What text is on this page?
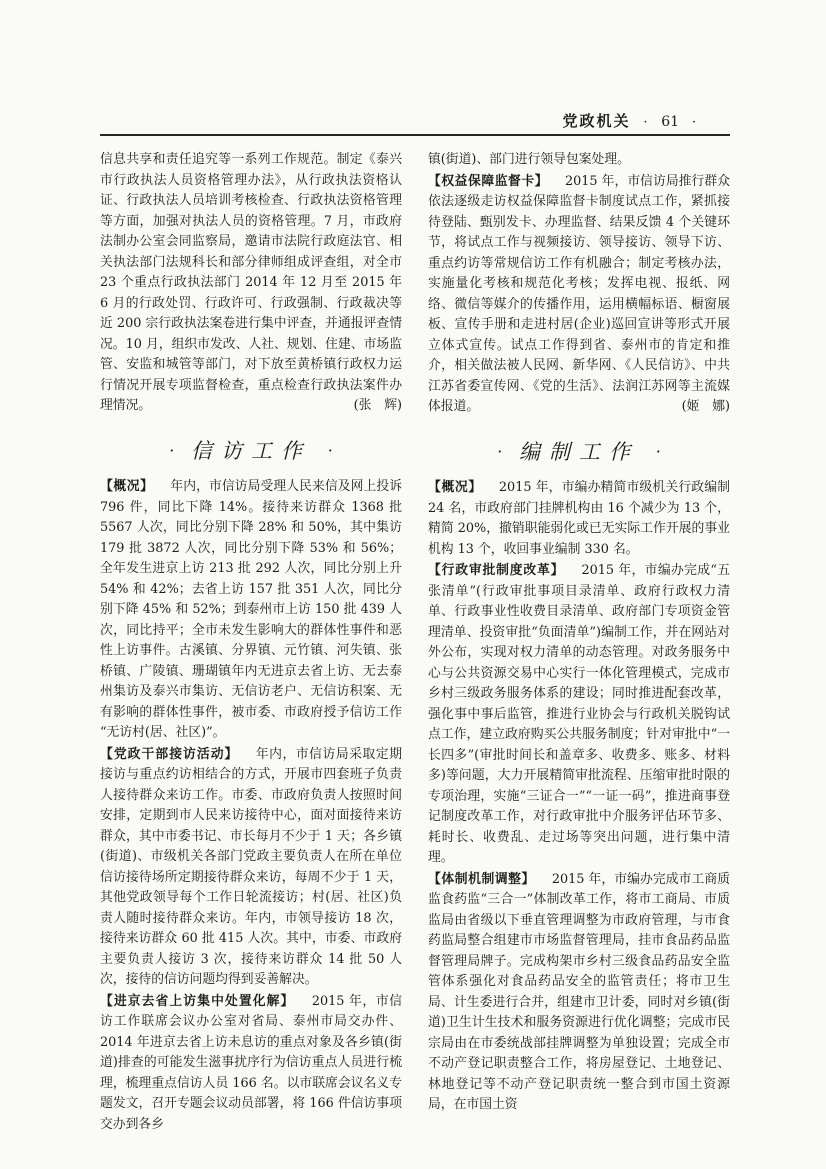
党政机关 · 61 ·

信息共享和责任追究等一系列工作规范。制定《泰兴市行政执法人员资格管理办法》，从行政执法资格认证、行政执法人员培训考核检查、行政执法资格管理等方面，加强对执法人员的资格管理。7 月，市政府法制办公室会同监察局，邀请市法院行政庭法官、相关执法部门法规科长和部分律师组成评查组，对全市 23 个重点行政执法部门 2014 年 12 月至 2015 年 6 月的行政处罚、行政许可、行政强制、行政裁决等近 200 宗行政执法案卷进行集中评查，并通报评查情况。10 月，组织市发改、人社、规划、住建、市场监管、安监和城管等部门，对下放至黄桥镇行政权力运行情况开展专项监督检查，重点检查行政执法案件办理情况。	(张　辉)

· 信访工作 ·

【概况】 年内，市信访局受理人民来信及网上投诉 796 件，同比下降 14%。接待来访群众 1368 批 5567 人次，同比分别下降 28% 和 50%，其中集访 179 批 3872 人次，同比分别下降 53% 和 56%；全年发生进京上访 213 批 292 人次，同比分别上升 54% 和 42%；去省上访 157 批 351 人次，同比分别下降 45% 和 52%；到泰州市上访 150 批 439 人次，同比持平；全市未发生影响大的群体性事件和恶性上访事件。古溪镇、分界镇、元竹镇、河失镇、张桥镇、广陵镇、珊瑚镇年内无进京去省上访、无去泰州集访及泰兴市集访、无信访老户、无信访积案、无有影响的群体性事件，被市委、市政府授予信访工作“无访村(居、社区)”。

【党政干部接访活动】 年内，市信访局采取定期接访与重点约访相结合的方式，开展市四套班子负责人接待群众来访工作。市委、市政府负责人按照时间安排，定期到市人民来访接待中心，面对面接待来访群众，其中市委书记、市长每月不少于 1 天；各乡镇(街道)、市级机关各部门党政主要负责人在所在单位信访接待场所定期接待群众来访，每周不少于 1 天，其他党政领导每个工作日轮流接访；村(居、社区)负责人随时接待群众来访。年内，市领导接访 18 次，接待来访群众 60 批 415 人次。其中，市委、市政府主要负责人接访 3 次，接待来访群众 14 批 50 人次，接待的信访问题均得到妥善解决。

【进京去省上访集中处置化解】 2015 年，市信访工作联席会议办公室对省局、泰州市局交办件、2014 年进京去省上访未息访的重点对象及各乡镇(街道)排查的可能发生滋事扰序行为信访重点人员进行梳理，梳理重点信访人员 166 名。以市联席会议名义专题发文，召开专题会议动员部署，将 166 件信访事项交办到各乡

镇(街道)、部门进行领导包案处理。

【权益保障监督卡】 2015 年，市信访局推行群众依法逐级走访权益保障监督卡制度试点工作，紧抓接待登陆、甄别发卡、办理监督、结果反馈 4 个关键环节，将试点工作与视频接访、领导接访、领导下访、重点约访等常规信访工作有机融合；制定考核办法，实施量化考核和规范化考核；发挥电视、报纸、网络、微信等媒介的传播作用，运用横幅标语、橱窗展板、宣传手册和走进村居(企业)巡回宣讲等形式开展立体式宣传。试点工作得到省、泰州市的肯定和推介，相关做法被人民网、新华网、《人民信访》、中共江苏省委宣传网、《党的生活》、法润江苏网等主流媒体报道。	(姬　娜)

· 编制工作 ·

【概况】 2015 年，市编办精简市级机关行政编制 24 名，市政府部门挂牌机构由 16 个减少为 13 个，精简 20%，撤销职能弱化或已无实际工作开展的事业机构 13 个，收回事业编制 330 名。

【行政审批制度改革】 2015 年，市编办完成“五张清单”(行政审批事项目录清单、政府行政权力清单、行政事业性收费目录清单、政府部门专项资金管理清单、投资审批“负面清单”)编制工作，并在网站对外公布，实现对权力清单的动态管理。对政务服务中心与公共资源交易中心实行一体化管理模式，完成市乡村三级政务服务体系的建设；同时推进配套改革，强化事中事后监管，推进行业协会与行政机关脱钩试点工作，建立政府购买公共服务制度；针对审批中“一长四多”(审批时间长和盖章多、收费多、账多、材料多)等问题，大力开展精简审批流程、压缩审批时限的专项治理，实施“三证合一”“一证一码”，推进商事登记制度改革工作，对行政审批中介服务评估环节多、耗时长、收费乱、走过场等突出问题，进行集中清理。

【体制机制调整】 2015 年，市编办完成市工商质监食药监“三合一”体制改革工作，将市工商局、市质监局由省级以下垂直管理调整为市政府管理，与市食药监局整合组建市市场监督管理局，挂市食品药品监督管理局牌子。完成构架市乡村三级食品药品安全监管体系强化对食品药品安全的监管责任；将市卫生局、计生委进行合并，组建市卫计委，同时对乡镇(街道)卫生计生技术和服务资源进行优化调整；完成市民宗局由在市委统战部挂牌调整为单独设置；完成全市不动产登记职责整合工作，将房屋登记、土地登记、林地登记等不动产登记职责统一整合到市国土资源局，在市国土资
